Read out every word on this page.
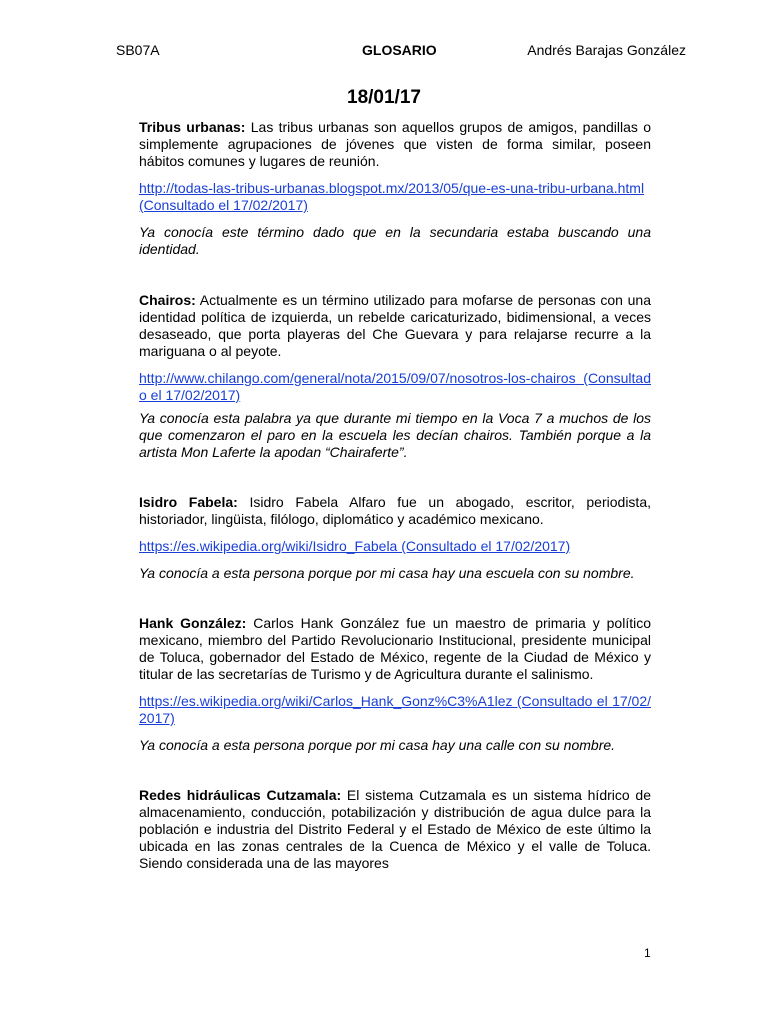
SB07A	GLOSARIO	Andrés Barajas González
18/01/17

Tribus urbanas: Las tribus urbanas son aquellos grupos de amigos, pandillas o simplemente agrupaciones de jóvenes que visten de forma similar, poseen hábitos comunes y lugares de reunión.

http://todas-las-tribus-urbanas.blogspot.mx/2013/05/que-es-una-tribu-urbana.html (Consultado el 17/02/2017)

Ya conocía este término dado que en la secundaria estaba buscando una identidad.

Chairos: Actualmente es un término utilizado para mofarse de personas con una identidad política de izquierda, un rebelde caricaturizado, bidimensional, a veces desaseado, que porta playeras del Che Guevara y para relajarse recurre a la mariguana o al peyote.

http://www.chilango.com/general/nota/2015/09/07/nosotros-los-chairos (Consultado el 17/02/2017)

Ya conocía esta palabra ya que durante mi tiempo en la Voca 7 a muchos de los que comenzaron el paro en la escuela les decían chairos. También porque a la artista Mon Laferte la apodan “Chairaferte”.

Isidro Fabela: Isidro Fabela Alfaro fue un abogado, escritor, periodista, historiador, lingüista, filólogo, diplomático y académico mexicano.

https://es.wikipedia.org/wiki/Isidro_Fabela (Consultado el 17/02/2017)

Ya conocía a esta persona porque por mi casa hay una escuela con su nombre.

Hank González: Carlos Hank González fue un maestro de primaria y político mexicano, miembro del Partido Revolucionario Institucional, presidente municipal de Toluca, gobernador del Estado de México, regente de la Ciudad de México y titular de las secretarías de Turismo y de Agricultura durante el salinismo.

https://es.wikipedia.org/wiki/Carlos_Hank_Gonz%C3%A1lez (Consultado el 17/02/2017)

Ya conocía a esta persona porque por mi casa hay una calle con su nombre.

Redes hidráulicas Cutzamala: El sistema Cutzamala es un sistema hídrico de almacenamiento, conducción, potabilización y distribución de agua dulce para la población e industria del Distrito Federal y el Estado de México de este último la ubicada en las zonas centrales de la Cuenca de México y el valle de Toluca. Siendo considerada una de las mayores

1
